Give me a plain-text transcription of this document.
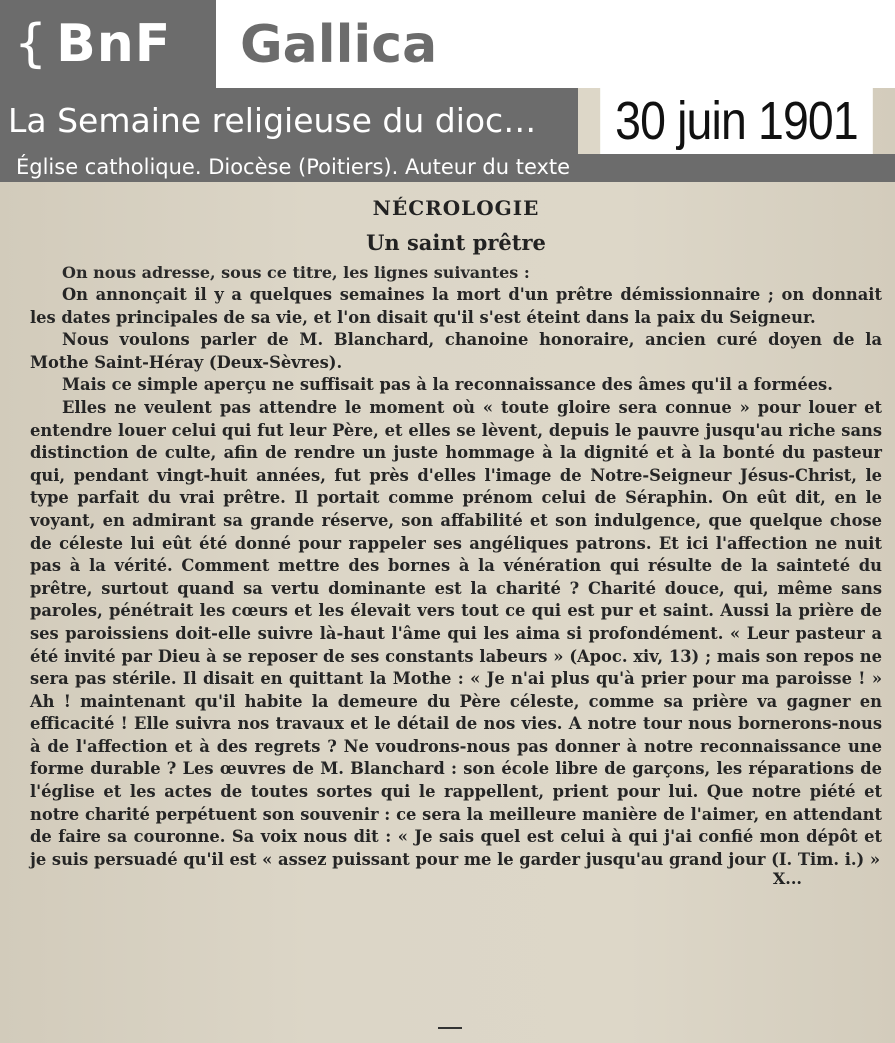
{ BnF	Gallica
La Semaine religieuse du dioc…	30 juin 1901
Église catholique. Diocèse (Poitiers). Auteur du texte
NÉCROLOGIE
Un saint prêtre
On nous adresse, sous ce titre, les lignes suivantes :

On annonçait il y a quelques semaines la mort d'un prêtre démissionnaire ; on donnait les dates principales de sa vie, et l'on disait qu'il s'est éteint dans la paix du Seigneur.

Nous voulons parler de M. Blanchard, chanoine honoraire, ancien curé doyen de la Mothe Saint-Héray (Deux-Sèvres).

Mais ce simple aperçu ne suffisait pas à la reconnaissance des âmes qu'il a formées.

Elles ne veulent pas attendre le moment où « toute gloire sera connue » pour louer et entendre louer celui qui fut leur Père, et elles se lèvent, depuis le pauvre jusqu'au riche sans distinction de culte, afin de rendre un juste hommage à la dignité et à la bonté du pasteur qui, pendant vingt-huit années, fut près d'elles l'image de Notre-Seigneur Jésus-Christ, le type parfait du vrai prêtre. Il portait comme prénom celui de Séraphin. On eût dit, en le voyant, en admirant sa grande réserve, son affabilité et son indulgence, que quelque chose de céleste lui eût été donné pour rappeler ses angéliques patrons. Et ici l'affection ne nuit pas à la vérité. Comment mettre des bornes à la vénération qui résulte de la sainteté du prêtre, surtout quand sa vertu dominante est la charité ? Charité douce, qui, même sans paroles, pénétrait les cœurs et les élevait vers tout ce qui est pur et saint. Aussi la prière de ses paroissiens doit-elle suivre là-haut l'âme qui les aima si profondément. « Leur pasteur a été invité par Dieu à se reposer de ses constants labeurs » (Apoc. xiv, 13) ; mais son repos ne sera pas stérile. Il disait en quittant la Mothe : « Je n'ai plus qu'à prier pour ma paroisse ! » Ah ! maintenant qu'il habite la demeure du Père céleste, comme sa prière va gagner en efficacité ! Elle suivra nos travaux et le détail de nos vies. A notre tour nous bornerons-nous à de l'affection et à des regrets ? Ne voudrons-nous pas donner à notre reconnaissance une forme durable ? Les œuvres de M. Blanchard : son école libre de garçons, les réparations de l'église et les actes de toutes sortes qui le rappellent, prient pour lui. Que notre piété et notre charité perpétuent son souvenir : ce sera la meilleure manière de l'aimer, en attendant de faire sa couronne. Sa voix nous dit : « Je sais quel est celui à qui j'ai confié mon dépôt et je suis persuadé qu'il est « assez puissant pour me le garder jusqu'au grand jour (I. Tim. i.) »

X...
